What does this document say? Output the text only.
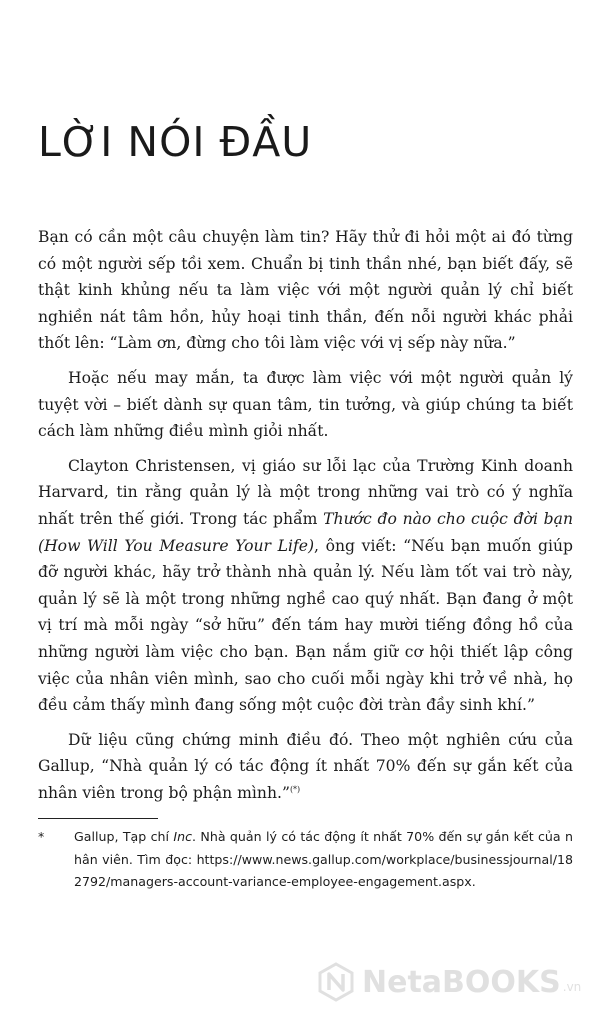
LỜI NÓI ĐẦU

Bạn có cần một câu chuyện làm tin? Hãy thử đi hỏi một ai đó từng có một người sếp tồi xem. Chuẩn bị tinh thần nhé, bạn biết đấy, sẽ thật kinh khủng nếu ta làm việc với một người quản lý chỉ biết nghiền nát tâm hồn, hủy hoại tinh thần, đến nỗi người khác phải thốt lên: “Làm ơn, đừng cho tôi làm việc với vị sếp này nữa.”

Hoặc nếu may mắn, ta được làm việc với một người quản lý tuyệt vời – biết dành sự quan tâm, tin tưởng, và giúp chúng ta biết cách làm những điều mình giỏi nhất.

Clayton Christensen, vị giáo sư lỗi lạc của Trường Kinh doanh Harvard, tin rằng quản lý là một trong những vai trò có ý nghĩa nhất trên thế giới. Trong tác phẩm Thước đo nào cho cuộc đời bạn (How Will You Measure Your Life), ông viết: “Nếu bạn muốn giúp đỡ người khác, hãy trở thành nhà quản lý. Nếu làm tốt vai trò này, quản lý sẽ là một trong những nghề cao quý nhất. Bạn đang ở một vị trí mà mỗi ngày “sở hữu” đến tám hay mười tiếng đồng hồ của những người làm việc cho bạn. Bạn nắm giữ cơ hội thiết lập công việc của nhân viên mình, sao cho cuối mỗi ngày khi trở về nhà, họ đều cảm thấy mình đang sống một cuộc đời tràn đầy sinh khí.”

Dữ liệu cũng chứng minh điều đó. Theo một nghiên cứu của Gallup, “Nhà quản lý có tác động ít nhất 70% đến sự gắn kết của nhân viên trong bộ phận mình.”(*)

* Gallup, Tạp chí Inc. Nhà quản lý có tác động ít nhất 70% đến sự gắn kết của nhân viên. Tìm đọc: https://www.news.gallup.com/workplace/businessjournal/182792/managers-account-variance-employee-engagement.aspx.
NetaBOOKS .vn
